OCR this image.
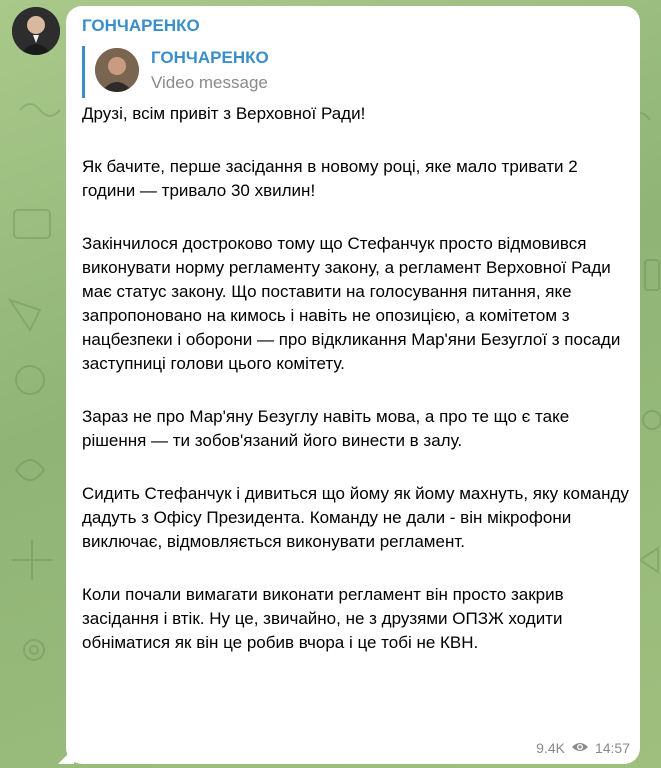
ГОНЧАРЕНКО
ГОНЧАРЕНКО
Video message

Друзі, всім привіт з Верховної Ради!

Як бачите, перше засідання в новому році, яке мало тривати 2 години — тривало 30 хвилин!

Закінчилося достроково тому що Стефанчук просто відмовився виконувати норму регламенту закону, а регламент Верховної Ради має статус закону. Що поставити на голосування питання, яке запропоновано на кимось і навіть не опозицією, а комітетом з нацбезпеки і оборони — про відкликання Мар'яни Безуглої з посади заступниці голови цього комітету.

Зараз не про Мар'яну Безуглу навіть мова, а про те що є таке рішення — ти зобов'язаний його винести в залу.

Сидить Стефанчук і дивиться що йому як йому махнуть, яку команду дадуть з Офісу Президента. Команду не дали - він мікрофони виключає, відмовляється виконувати регламент.

Коли почали вимагати виконати регламент він просто закрив засідання і втік. Ну це, звичайно, не з друзями ОПЗЖ ходити обніматися як він це робив вчора і це тобі не КВН.

9.4K 14:57
